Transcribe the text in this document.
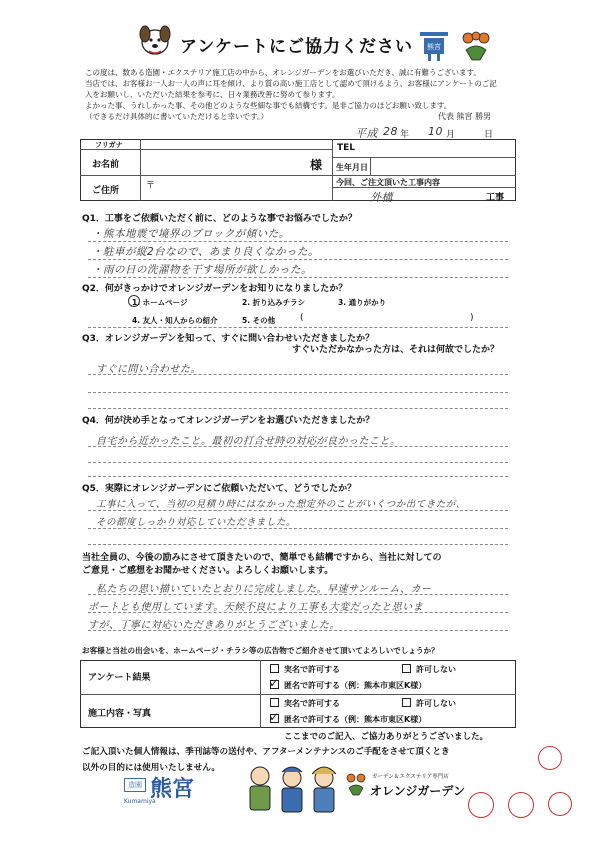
アンケートにご協力ください 熊宮
この度は、数ある造園・エクステリア施工店の中から、オレンジガーデンをお選びいただき、誠に有難うございます。
当店では、お客様お一人お一人の声に耳を傾け、より質の高い施工店として認めて頂けるよう、お客様にアンケートのご記
入をお願いし、いただいた結果を参考に、日々業務改善に努めて参ります。
よかった事、うれしかった事、その他どのような些細な事でも結構です。是非ご協力のほどお願い致します。
（できるだけ具体的に書いていただけると幸いです。）	代表 熊宮 勝男
平成 28 年 10 月	日
フリガナ
お名前	様
ご住所	〒
TEL
生年月日
今回、ご注文頂いた工事内容
外構	工事
Q1．工事をご依頼いただく前に、どのような事でお悩みでしたか？
・熊本地震で境界のブロックが傾いた。
・駐車が縦2台なので、あまり良くなかった。
・雨の日の洗濯物を干す場所が欲しかった。
Q2．何がきっかけでオレンジガーデンをお知りになりましたか？
1. ホームページ	2. 折り込みチラシ	3. 通りがかり
4. 友人・知人からの紹介	5. その他	(	)
Q3．オレンジガーデンを知って、すぐに問い合わせいただきましたか？
すぐいただかなかった方は、それは何故でしたか？
すぐに問い合わせた。
Q4．何が決め手となってオレンジガーデンをお選びいただきましたか？
自宅から近かったこと。最初の打合せ時の対応が良かったこと。
Q5．実際にオレンジガーデンにご依頼いただいて、どうでしたか？
工事に入って、当初の見積り時にはなかった想定外のことがいくつか出てきたが、
その都度しっかり対応していただきました。
当社全員の、今後の励みにさせて頂きたいので、簡単でも結構ですから、当社に対しての
ご意見・ご感想をお聞かせください。よろしくお願いします。
私たちの思い描いていたとおりに完成しました。早速サンルーム、カー
ポートとも使用しています。天候不良により工事も大変だったと思いま
すが、丁寧に対応いただきありがとうございました。
お客様と当社の出会いを、ホームページ・チラシ等の広告物でご紹介させて頂いてよろしいでしょうか？
アンケート結果
実名で許可する	許可しない
✓ 匿名で許可する（例：熊本市東区K様）
施工内容・写真
実名で許可する	許可しない
✓ 匿名で許可する（例：熊本市東区K様）
ここまでのご記入、ご協力ありがとうございました。
ご記入頂いた個人情報は、季刊誌等の送付や、アフターメンテナンスのご手配をさせて頂くとき
以外の目的には使用いたしません。
造園 熊宮
Kumamiya
ガーデン＆エクステリア専門店
オレンジガーデン
